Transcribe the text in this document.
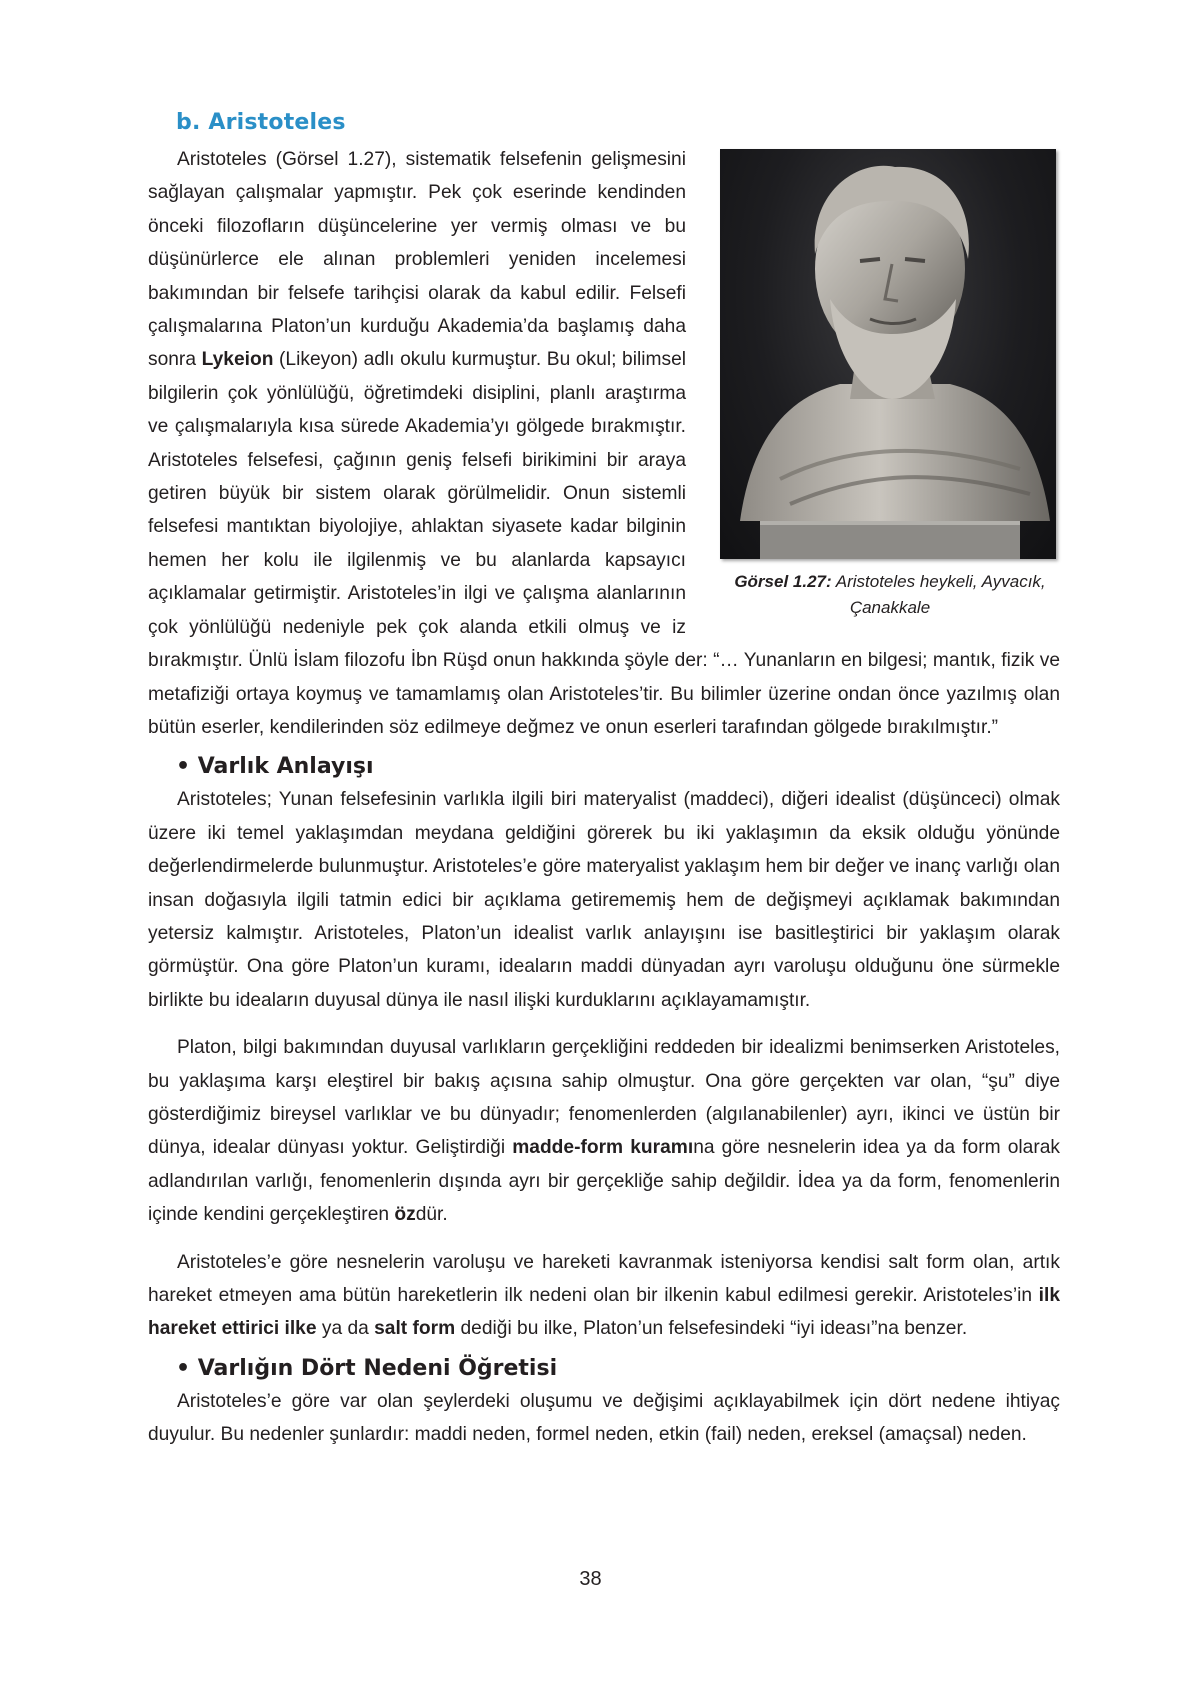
b. Aristoteles
Görsel 1.27: Aristoteles heykeli, Ayvacık, Çanakkale

Aristoteles (Görsel 1.27), sistematik felsefenin gelişmesini sağlayan çalışmalar yapmıştır. Pek çok eserinde kendinden önceki filozofların düşüncelerine yer vermiş olması ve bu düşünürlerce ele alınan problemleri yeniden incelemesi bakımından bir felsefe tarihçisi olarak da kabul edilir. Felsefi çalışmalarına Platon’un kurduğu Akademia’da başlamış daha sonra Lykeion (Likeyon) adlı okulu kurmuştur. Bu okul; bilimsel bilgilerin çok yönlülüğü, öğretimdeki disiplini, planlı araştırma ve çalışmalarıyla kısa sürede Akademia’yı gölgede bırakmıştır. Aristoteles felsefesi, çağının geniş felsefi birikimini bir araya getiren büyük bir sistem olarak görülmelidir. Onun sistemli felsefesi mantıktan biyolojiye, ahlaktan siyasete kadar bilginin hemen her kolu ile ilgilenmiş ve bu alanlarda kapsayıcı açıklamalar getirmiştir. Aristoteles’in ilgi ve çalışma alanlarının çok yönlülüğü nedeniyle pek çok alanda etkili olmuş ve iz bırakmıştır. Ünlü İslam filozofu İbn Rüşd onun hakkında şöyle der: “… Yunanların en bilgesi; mantık, fizik ve metafiziği ortaya koymuş ve tamamlamış olan Aristoteles’tir. Bu bilimler üzerine ondan önce yazılmış olan bütün eserler, kendilerinden söz edilmeye değmez ve onun eserleri tarafından gölgede bırakılmıştır.”

• Varlık Anlayışı

Aristoteles; Yunan felsefesinin varlıkla ilgili biri materyalist (maddeci), diğeri idealist (düşünceci) olmak üzere iki temel yaklaşımdan meydana geldiğini görerek bu iki yaklaşımın da eksik olduğu yönünde değerlendirmelerde bulunmuştur. Aristoteles’e göre materyalist yaklaşım hem bir değer ve inanç varlığı olan insan doğasıyla ilgili tatmin edici bir açıklama getirememiş hem de değişmeyi açıklamak bakımından yetersiz kalmıştır. Aristoteles, Platon’un idealist varlık anlayışını ise basitleştirici bir yaklaşım olarak görmüştür. Ona göre Platon’un kuramı, ideaların maddi dünyadan ayrı varoluşu olduğunu öne sürmekle birlikte bu ideaların duyusal dünya ile nasıl ilişki kurduklarını açıklayamamıştır.

Platon, bilgi bakımından duyusal varlıkların gerçekliğini reddeden bir idealizmi benimserken Aristoteles, bu yaklaşıma karşı eleştirel bir bakış açısına sahip olmuştur. Ona göre gerçekten var olan, “şu” diye gösterdiğimiz bireysel varlıklar ve bu dünyadır; fenomenlerden (algılanabilenler) ayrı, ikinci ve üstün bir dünya, idealar dünyası yoktur. Geliştirdiği madde-form kuramına göre nesnelerin idea ya da form olarak adlandırılan varlığı, fenomenlerin dışında ayrı bir gerçekliğe sahip değildir. İdea ya da form, fenomenlerin içinde kendini gerçekleştiren özdür.

Aristoteles’e göre nesnelerin varoluşu ve hareketi kavranmak isteniyorsa kendisi salt form olan, artık hareket etmeyen ama bütün hareketlerin ilk nedeni olan bir ilkenin kabul edilmesi gerekir. Aristoteles’in ilk hareket ettirici ilke ya da salt form dediği bu ilke, Platon’un felsefesindeki “iyi ideası”na benzer.

• Varlığın Dört Nedeni Öğretisi

Aristoteles’e göre var olan şeylerdeki oluşumu ve değişimi açıklayabilmek için dört nedene ihtiyaç duyulur. Bu nedenler şunlardır: maddi neden, formel neden, etkin (fail) neden, ereksel (amaçsal) neden.

38
